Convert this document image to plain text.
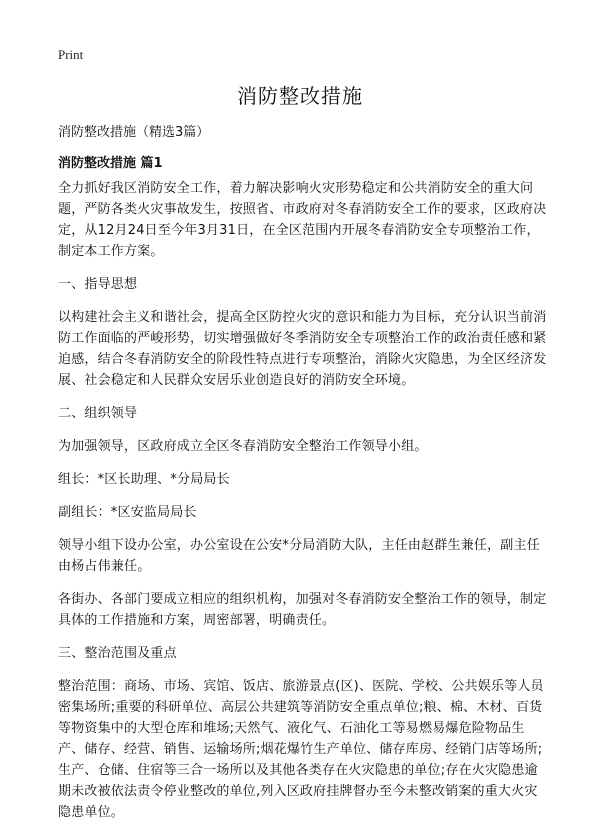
Print
消防整改措施

消防整改措施（精选3篇）

消防整改措施 篇1

全力抓好我区消防安全工作，着力解决影响火灾形势稳定和公共消防安全的重大问题，严防各类火灾事故发生，按照省、市政府对冬春消防安全工作的要求，区政府决定，从12月24日至今年3月31日，在全区范围内开展冬春消防安全专项整治工作，制定本工作方案。

一、指导思想

以构建社会主义和谐社会，提高全区防控火灾的意识和能力为目标，充分认识当前消防工作面临的严峻形势，切实增强做好冬季消防安全专项整治工作的政治责任感和紧迫感，结合冬春消防安全的阶段性特点进行专项整治，消除火灾隐患，为全区经济发展、社会稳定和人民群众安居乐业创造良好的消防安全环境。

二、组织领导

为加强领导，区政府成立全区冬春消防安全整治工作领导小组。

组长：*区长助理、*分局局长

副组长：*区安监局局长

领导小组下设办公室，办公室设在公安*分局消防大队，主任由赵群生兼任，副主任由杨占伟兼任。

各街办、各部门要成立相应的组织机构，加强对冬春消防安全整治工作的领导，制定具体的工作措施和方案，周密部署，明确责任。

三、整治范围及重点

整治范围：商场、市场、宾馆、饭店、旅游景点(区)、医院、学校、公共娱乐等人员密集场所;重要的科研单位、高层公共建筑等消防安全重点单位;粮、棉、木材、百货等物资集中的大型仓库和堆场;天然气、液化气、石油化工等易燃易爆危险物品生产、储存、经营、销售、运输场所;烟花爆竹生产单位、储存库房、经销门店等场所;生产、仓储、住宿等三合一场所以及其他各类存在火灾隐患的单位;存在火灾隐患逾期未改被依法责令停业整改的单位,列入区政府挂牌督办至今未整改销案的重大火灾隐患单位。
